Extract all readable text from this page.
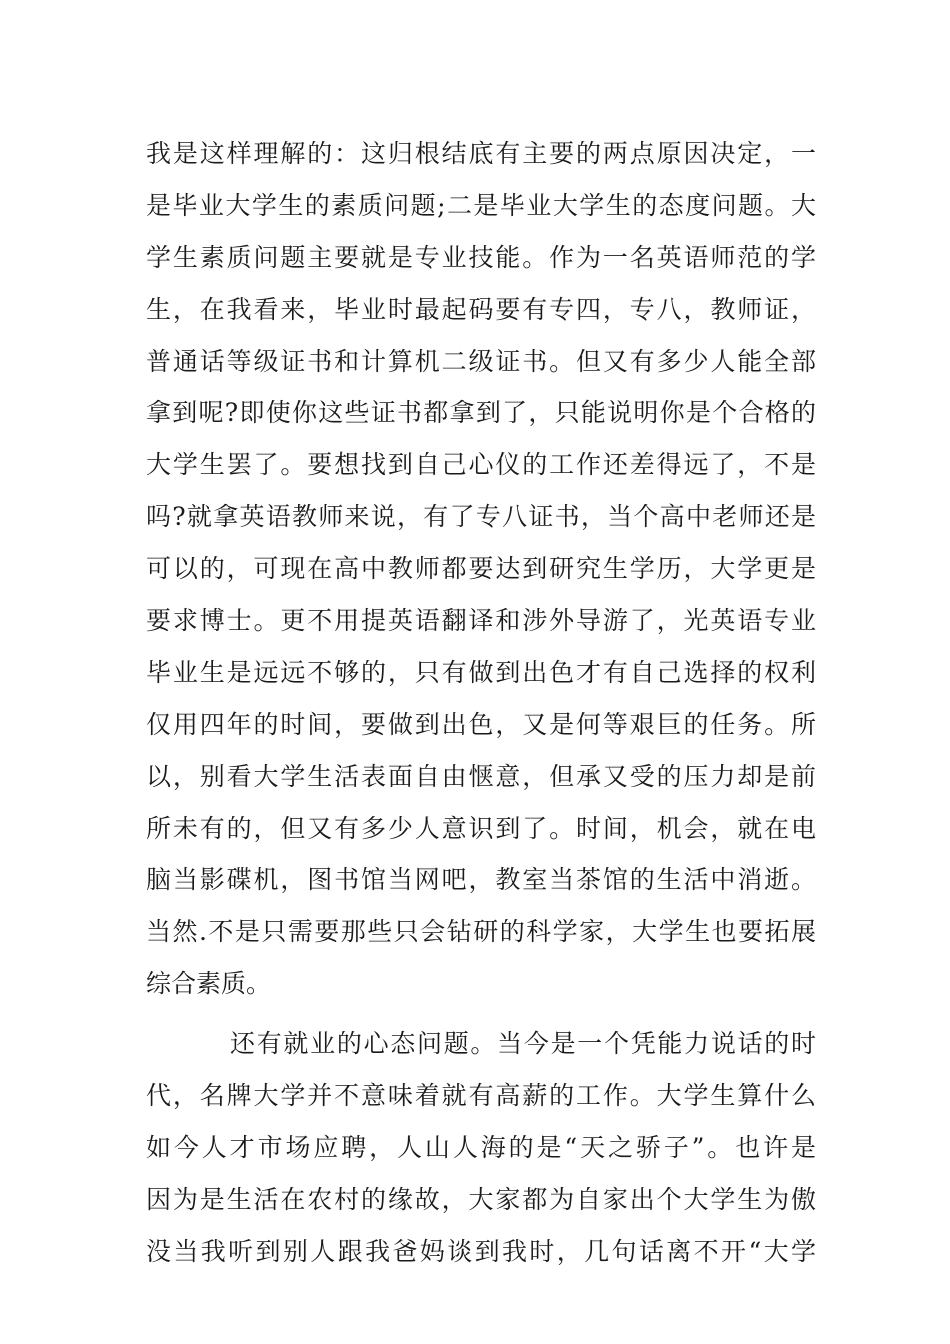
我是这样理解的：这归根结底有主要的两点原因决定，一
是毕业大学生的素质问题;二是毕业大学生的态度问题。大
学生素质问题主要就是专业技能。作为一名英语师范的学
生，在我看来，毕业时最起码要有专四，专八，教师证，
普通话等级证书和计算机二级证书。但又有多少人能全部
拿到呢?即使你这些证书都拿到了，只能说明你是个合格的
大学生罢了。要想找到自己心仪的工作还差得远了，不是
吗?就拿英语教师来说，有了专八证书，当个高中老师还是
可以的，可现在高中教师都要达到研究生学历，大学更是
要求博士。更不用提英语翻译和涉外导游了，光英语专业
毕业生是远远不够的，只有做到出色才有自己选择的权利
仅用四年的时间，要做到出色，又是何等艰巨的任务。所
以，别看大学生活表面自由惬意，但承又受的压力却是前
所未有的，但又有多少人意识到了。时间，机会，就在电
脑当影碟机，图书馆当网吧，教室当茶馆的生活中消逝。
当然.不是只需要那些只会钻研的科学家，大学生也要拓展
综合素质。
还有就业的心态问题。当今是一个凭能力说话的时
代，名牌大学并不意味着就有高薪的工作。大学生算什么
如今人才市场应聘，人山人海的是“天之骄子”。也许是
因为是生活在农村的缘故，大家都为自家出个大学生为傲
没当我听到别人跟我爸妈谈到我时，几句话离不开“大学
